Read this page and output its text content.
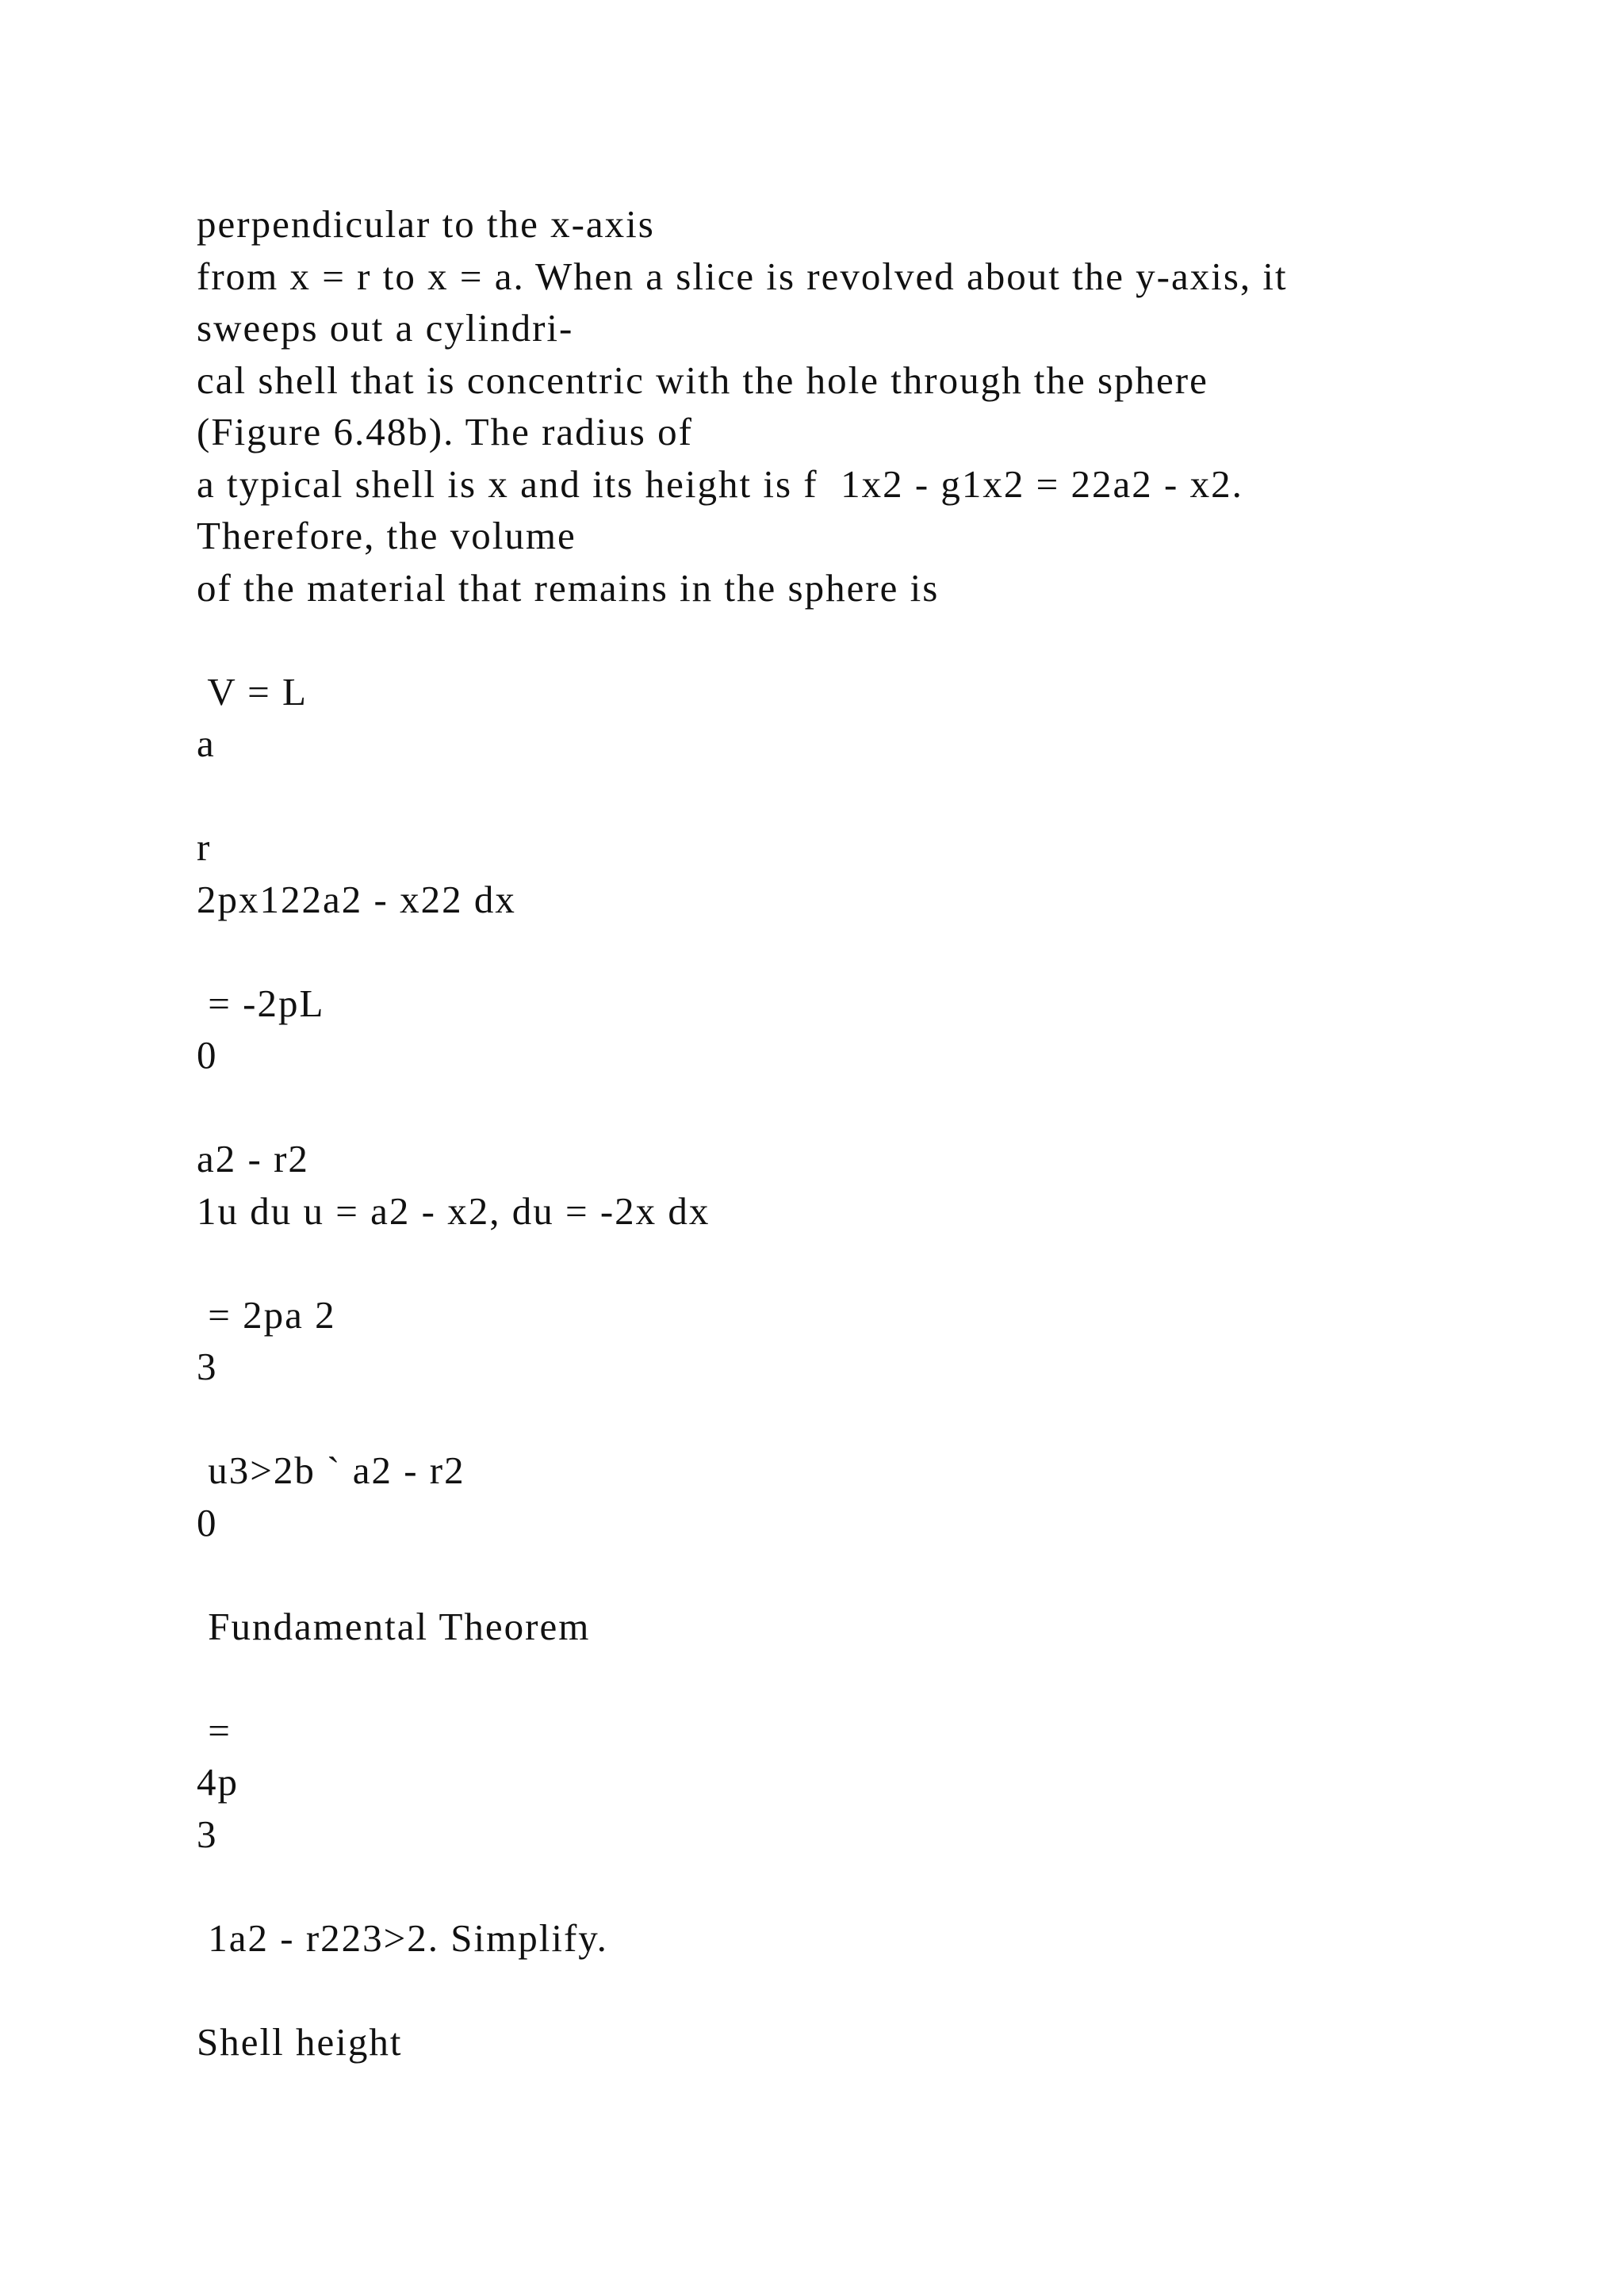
perpendicular to the x-axis
from x = r to x = a. When a slice is revolved about the y-axis, it
sweeps out a cylindri-
cal shell that is concentric with the hole through the sphere
(Figure 6.48b). The radius of
a typical shell is x and its height is f  1x2 - g1x2 = 22a2 - x2.
Therefore, the volume
of the material that remains in the sphere is
V = L
a
r
2px122a2 - x22 dx
= -2pL
0
a2 - r2
1u du u = a2 - x2, du = -2x dx
= 2pa 2
3
u3>2b ` a2 - r2
0
Fundamental Theorem
=
4p
3
1a2 - r223>2. Simplify.
Shell height
